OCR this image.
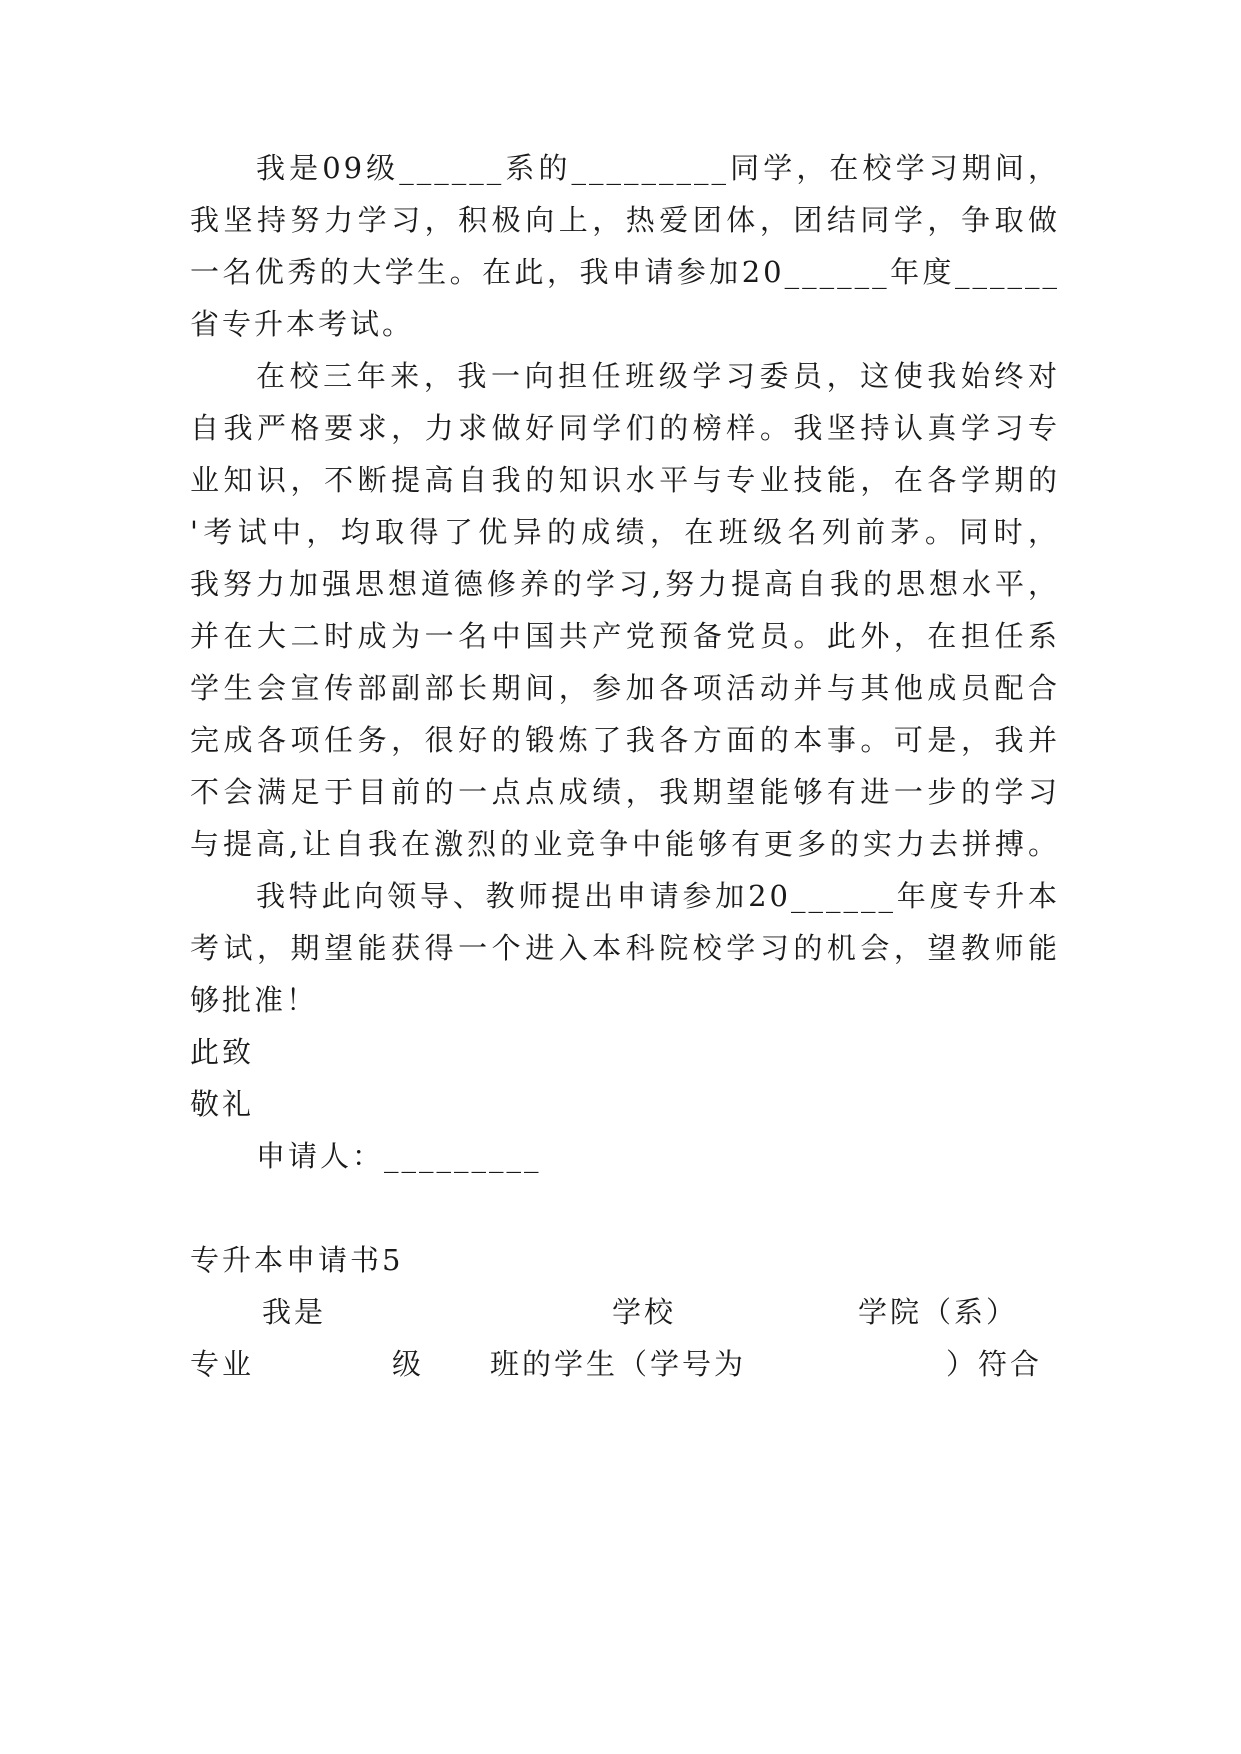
我是09级______系的_________同学，在校学习期间，
我坚持努力学习，积极向上，热爱团体，团结同学，争取做
一名优秀的大学生。在此，我申请参加20______年度______
省专升本考试。
在校三年来，我一向担任班级学习委员，这使我始终对
自我严格要求，力求做好同学们的榜样。我坚持认真学习专
业知识，不断提高自我的知识水平与专业技能，在各学期的
'考试中，均取得了优异的成绩，在班级名列前茅。同时，
我努力加强思想道德修养的学习,努力提高自我的思想水平，
并在大二时成为一名中国共产党预备党员。此外，在担任系
学生会宣传部副部长期间，参加各项活动并与其他成员配合
完成各项任务，很好的锻炼了我各方面的本事。可是，我并
不会满足于目前的一点点成绩，我期望能够有进一步的学习
与提高,让自我在激烈的业竞争中能够有更多的实力去拼搏。
我特此向领导、教师提出申请参加20______年度专升本
考试，期望能获得一个进入本科院校学习的机会，望教师能
够批准！
此致
敬礼
申请人：_________
专升本申请书5
我是	学校	学院（系）
专业	级 班的学生（学号为	）符合
